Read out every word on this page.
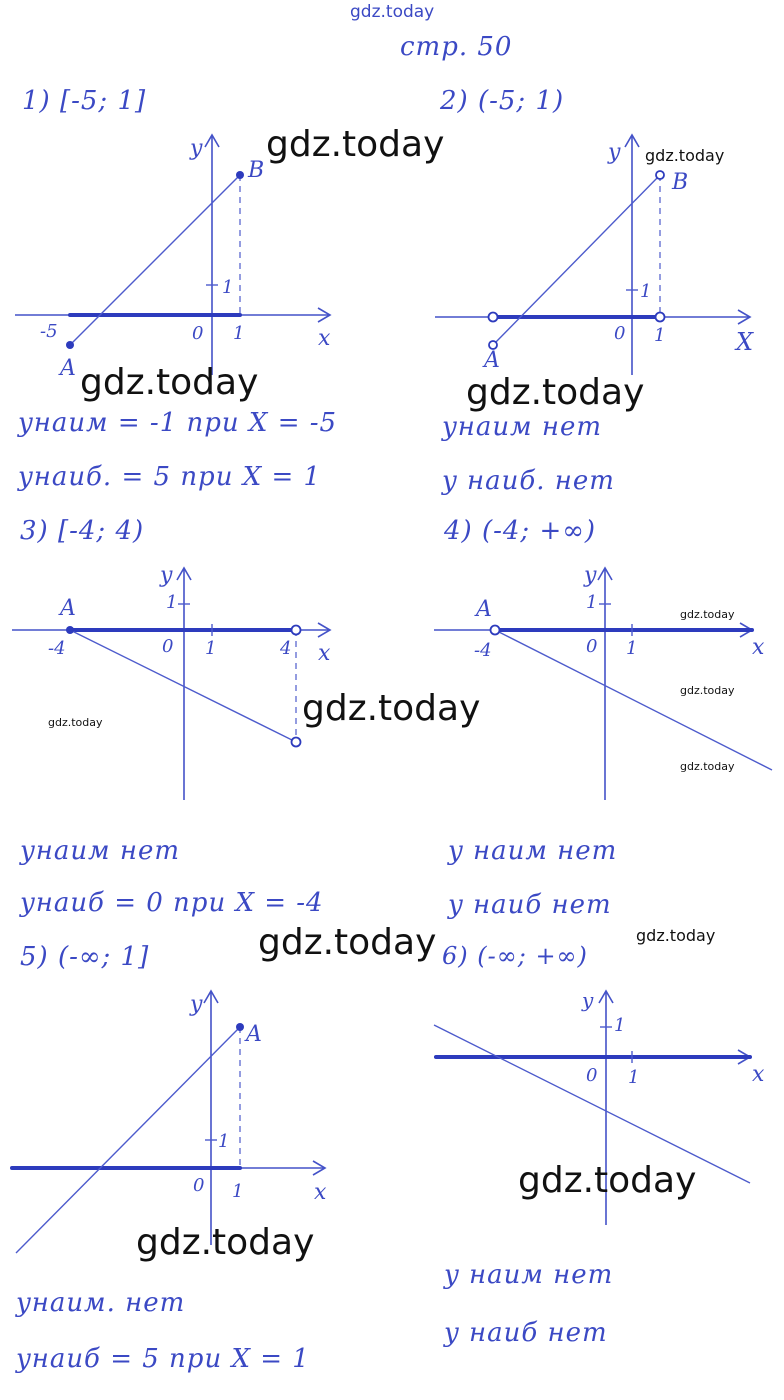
gdz.today
cтр. 50
1) [-5; 1]
y
x
0 1
1
-5
A
B
gdz.today
gdz.today
yнаим = -1 при X = -5
yнаиб. = 5 при X = 1
2) (-5; 1)
y
X
0 1
1
A
B
gdz.today
gdz.today
yнаим нет
y наиб. нет
3) [-4; 4)
y
x
0 1
1
-4	4
A
gdz.today	gdz.today
yнаим нет
yнаиб = 0 при X = -4
4) (-4; +∞)
y
x
0 1
1
-4
A	gdz.today
gdz.today
gdz.today
y наим нет
y наиб нет
5) (-∞; 1]
y
x
0 1
1
A
gdz.today
gdz.today
yнаим. нет
yнаиб = 5 при X = 1
6) (-∞; +∞)
y
x
0 1
1
gdz.today
gdz.today
y наим нет
y наиб нет
